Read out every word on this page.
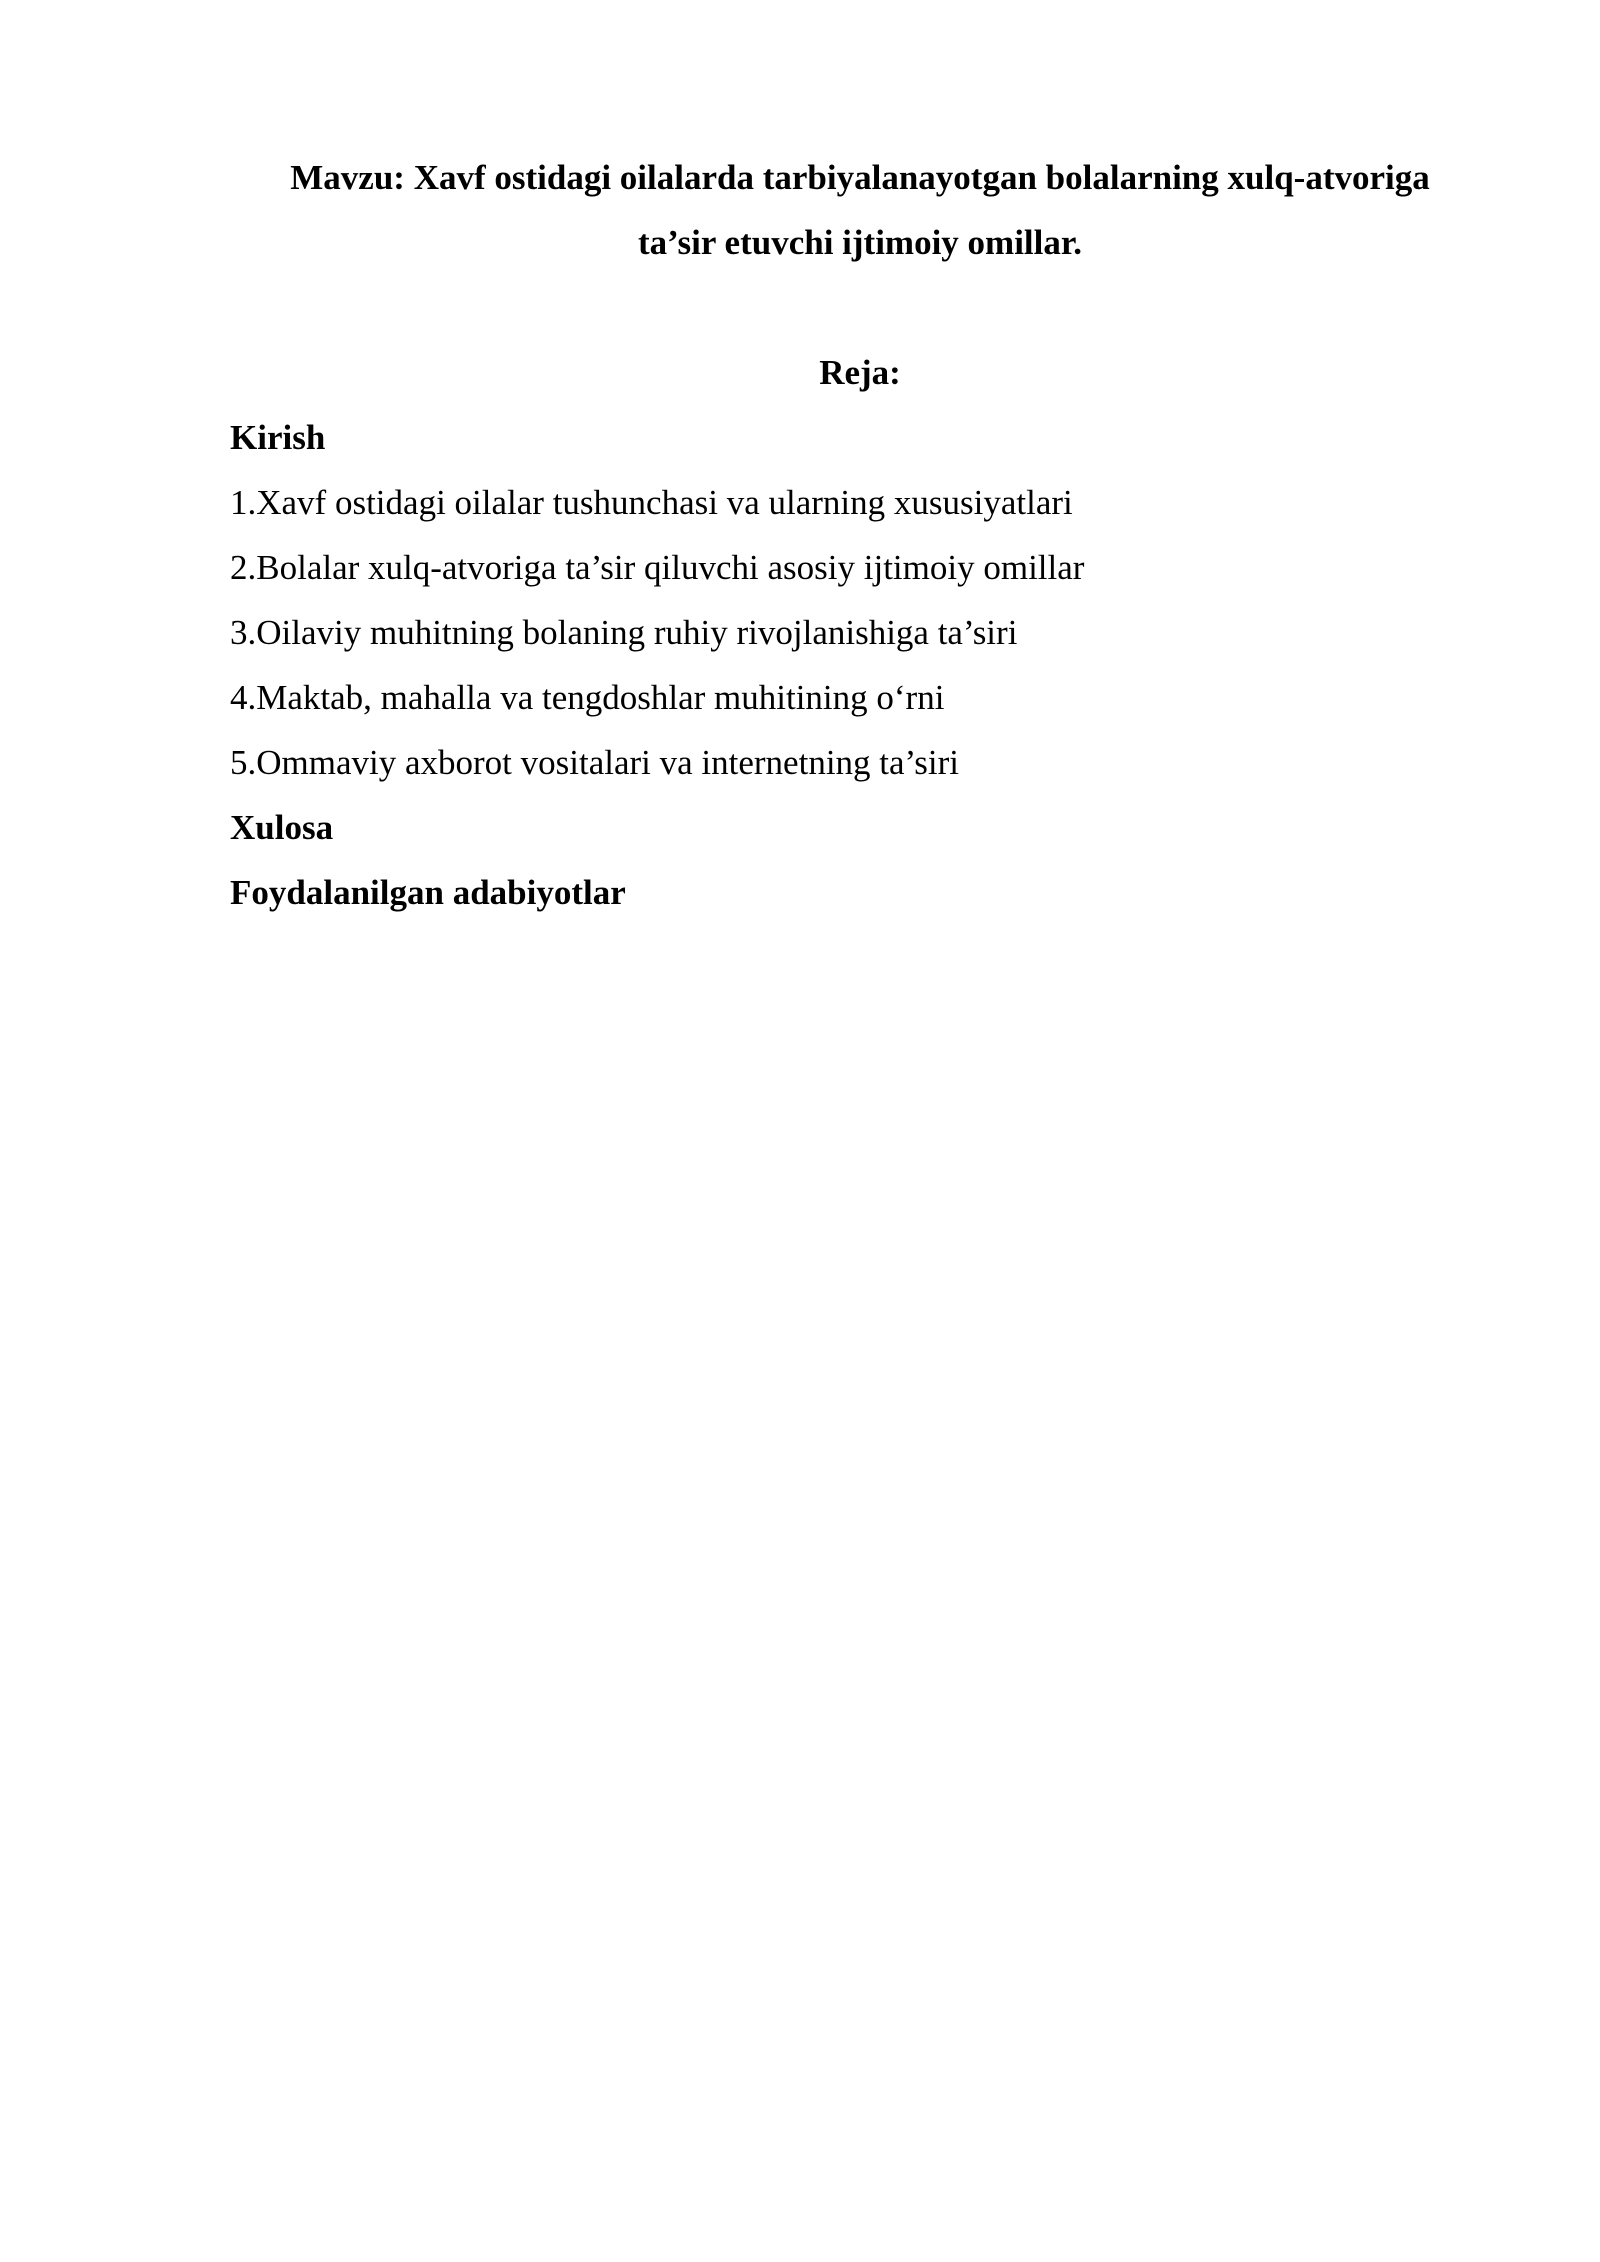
Mavzu: Xavf ostidagi oilalarda tarbiyalanayotgan bolalarning xulq-atvoriga
ta’sir etuvchi ijtimoiy omillar.
Reja:
Kirish
1.Xavf ostidagi oilalar tushunchasi va ularning xususiyatlari
2.Bolalar xulq-atvoriga ta’sir qiluvchi asosiy ijtimoiy omillar
3.Oilaviy muhitning bolaning ruhiy rivojlanishiga ta’siri
4.Maktab, mahalla va tengdoshlar muhitining o‘rni
5.Ommaviy axborot vositalari va internetning ta’siri
Xulosa
Foydalanilgan adabiyotlar
